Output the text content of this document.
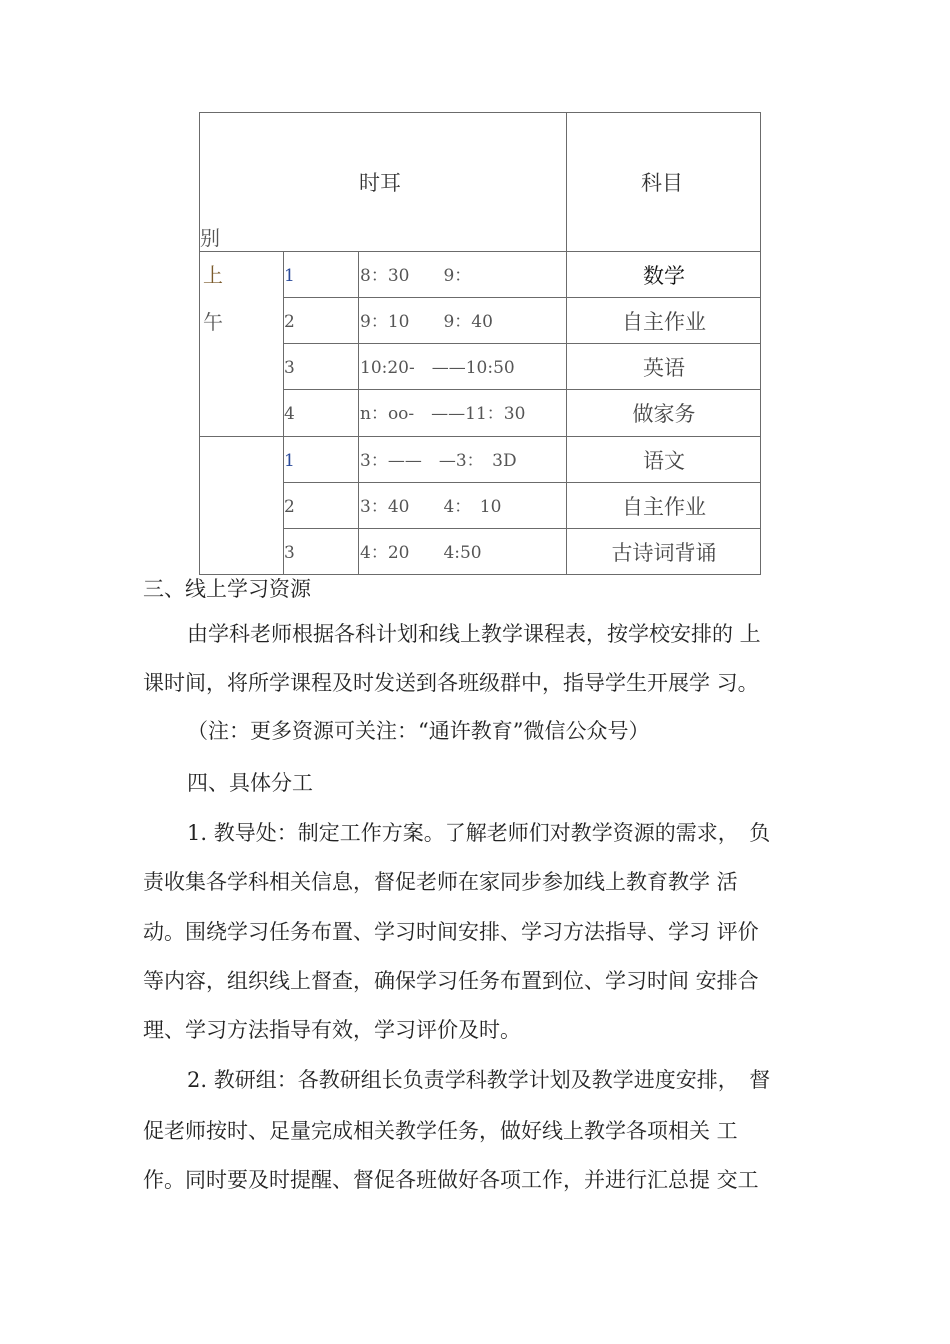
时耳	科目
别
上
午
1	8：30　　9：	数学
2	9：10　　9：40	自主作业
3	10:20-　——10:50	英语
4	n：oo-　——11：30	做家务
1	3：——　—3：　3D	语文
2	3：40　　4：　10	自主作业
3	4：20　　4:50	古诗词背诵
三、线上学习资源
由学科老师根据各科计划和线上教学课程表，按学校安排的 上
课时间，将所学课程及时发送到各班级群中，指导学生开展学 习。
（注：更多资源可关注：“通许教育”微信公众号）
四、具体分工
1. 教导处：制定工作方案。了解老师们对教学资源的需求，　负
责收集各学科相关信息，督促老师在家同步参加线上教育教学 活
动。围绕学习任务布置、学习时间安排、学习方法指导、学习 评价
等内容，组织线上督查，确保学习任务布置到位、学习时间 安排合
理、学习方法指导有效，学习评价及时。
2. 教研组：各教研组长负责学科教学计划及教学进度安排，　督
促老师按时、足量完成相关教学任务，做好线上教学各项相关 工
作。同时要及时提醒、督促各班做好各项工作，并进行汇总提 交工
